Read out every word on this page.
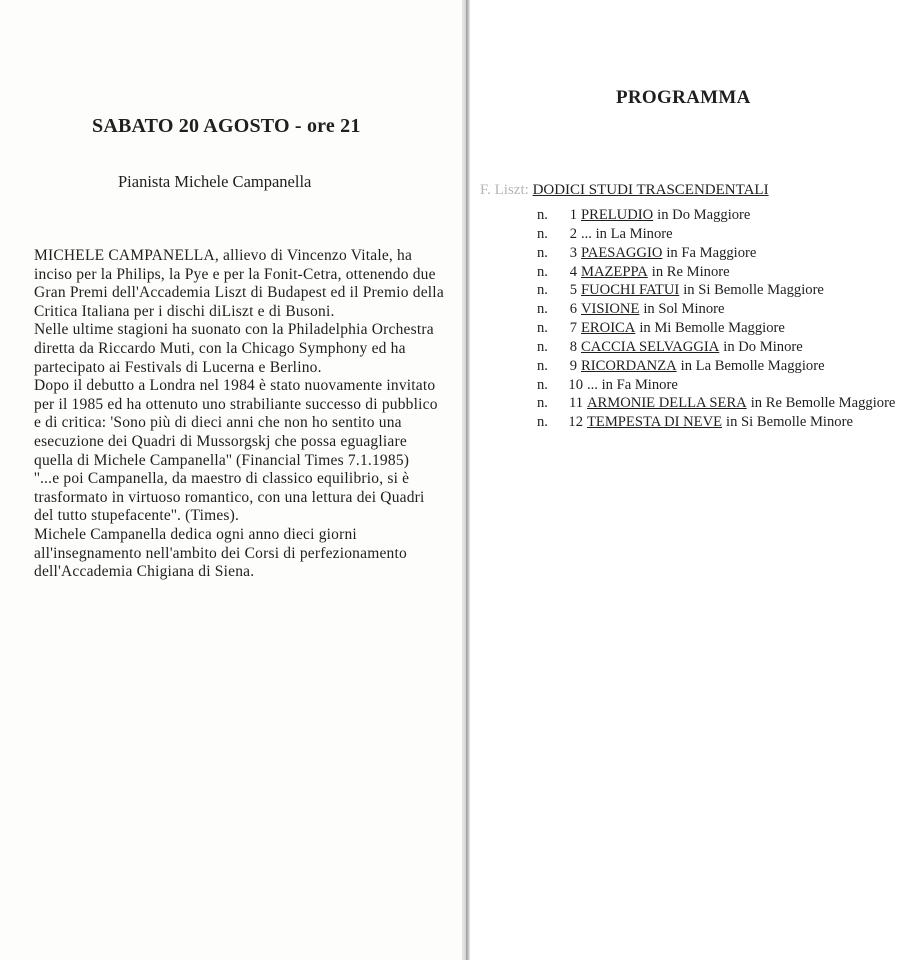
SABATO 20 AGOSTO - ore 21
Pianista Michele Campanella

MICHELE CAMPANELLA, allievo di Vincenzo Vitale, ha inciso per la Philips, la Pye e per la Fonit-Cetra, ottenendo due Gran Premi dell'Accademia Liszt di Budapest ed il Premio della Critica Italiana per i dischi diLiszt e di Busoni.

Nelle ultime stagioni ha suonato con la Philadelphia Orchestra diretta da Riccardo Muti, con la Chicago Symphony ed ha partecipato ai Festivals di Lucerna e Berlino.

Dopo il debutto a Londra nel 1984 è stato nuovamente invitato per il 1985 ed ha ottenuto uno strabiliante successo di pubblico e di critica: 'Sono più di dieci anni che non ho sentito una esecuzione dei Quadri di Mussorgskj che possa eguagliare quella di Michele Campanella'' (Financial Times 7.1.1985)

''...e poi Campanella, da maestro di classico equilibrio, si è trasformato in virtuoso romantico, con una lettura dei Quadri del tutto stupefacente''. (Times).

Michele Campanella dedica ogni anno dieci giorni all'insegnamento nell'ambito dei Corsi di perfezionamento dell'Accademia Chigiana di Siena.

PROGRAMMA
F. Liszt: DODICI STUDI TRASCENDENTALI
n.	1 PRELUDIO in Do Maggiore
n.	2 ... in La Minore
n.	3 PAESAGGIO in Fa Maggiore
n.	4 MAZEPPA in Re Minore
n.	5 FUOCHI FATUI in Si Bemolle Maggiore
n.	6 VISIONE in Sol Minore
n.	7 EROICA in Mi Bemolle Maggiore
n.	8 CACCIA SELVAGGIA in Do Minore
n.	9 RICORDANZA in La Bemolle Maggiore
n.	10 ... in Fa Minore
n.	11 ARMONIE DELLA SERA in Re Bemolle Maggiore
n.	12 TEMPESTA DI NEVE in Si Bemolle Minore
